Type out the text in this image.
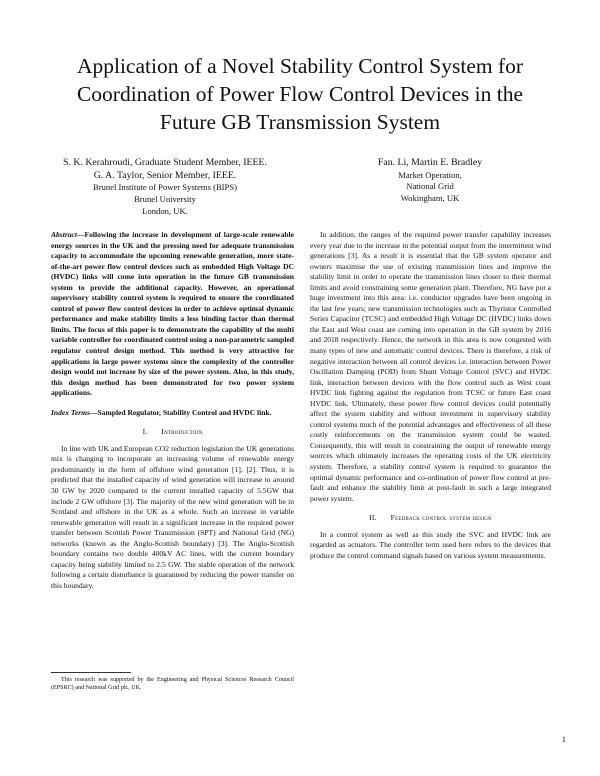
Application of a Novel Stability Control System for
Coordination of Power Flow Control Devices in the
Future GB Transmission System
S. K. Kerahroudi, Graduate Student Member, IEEE.
G. A. Taylor, Senior Member, IEEE.
Brunel Institute of Power Systems (BIPS)
Brunel University
London, UK.
Fan. Li, Martin E. Bradley
Market Operation,
National Grid
Wokingham, UK
Abstract—Following the increase in development of large-scale renewable energy sources in the UK and the pressing need for adequate transmission capacity to accommodate the upcoming renewable generation, more state-of-the-art power flow control devices such as embedded High Voltage DC (HVDC) links will come into operation in the future GB transmission system to provide the additional capacity. However, an operational supervisory stability control system is required to ensure the coordinated control of power flow control devices in order to achieve optimal dynamic performance and make stability limits a less binding factor than thermal limits. The focus of this paper is to demonstrate the capability of the multi variable controller for coordinated control using a non-parametric sampled regulator control design method. This method is very attractive for applications in large power systems since the complexity of the controller design would not increase by size of the power system. Also, in this study, this design method has been demonstrated for two power system applications.
Index Terms—Sampled Regulator, Stability Control and HVDC link.
I. Introduction
In line with UK and European CO2 reduction legislation the UK generations mix is changing to incorporate an increasing volume of renewable energy predominantly in the form of offshore wind generation [1], [2]. Thus, it is predicted that the installed capacity of wind generation will increase to around 30 GW by 2020 compared to the current installed capacity of 5.5GW that include 2 GW offshore [3]. The majority of the new wind generation will be in Scotland and offshore in the UK as a whole. Such an increase in variable renewable generation will result in a significant increase in the required power transfer between Scottish Power Transmission (SPT) and National Grid (NG) networks (known as the Anglo-Scottish boundary) [3]. The Anglo-Scottish boundary contains two double 400kV AC lines, with the current boundary capacity being stability limited to 2.5 GW. The stable operation of the network following a certain disturbance is guaranteed by reducing the power transfer on this boundary.
In addition, the ranges of the required power transfer capability increases every year due to the increase in the potential output from the intermittent wind generations [3]. As a result it is essential that the GB system operator and owners maximise the use of existing transmission lines and improve the stability limit in order to operate the transmission lines closer to their thermal limits and avoid constraining some generation plant. Therefore, NG have put a huge investment into this area: i.e. conductor upgrades have been ongoing in the last few years; new transmission technologies such as Thyristor Controlled Series Capacitor (TCSC) and embedded High Voltage DC (HVDC) links down the East and West coast are coming into operation in the GB system by 2016 and 2018 respectively. Hence, the network in this area is now congested with many types of new and automatic control devices. There is therefore, a risk of negative interaction between all control devices i.e. interaction between Power Oscillation Damping (POD) from Shunt Voltage Control (SVC) and HVDC link, interaction between devices with the flow control such as West coast HVDC link fighting against the regulation from TCSC or future East coast HVDC link. Ultimately, these power flow control devices could potentially affect the system stability and without investment in supervisory stability control systems much of the potential advantages and effectiveness of all these costly reinforcements on the transmission system could be wasted. Consequently, this will result in constraining the output of renewable energy sources which ultimately increases the operating costs of the UK electricity system. Therefore, a stability control system is required to guarantee the optimal dynamic performance and co-ordination of power flow control at pre-fault and enhance the stability limit at post-fault in such a large integrated power system.
II. Feedback control system design
In a control system as well as this study the SVC and HVDC link are regarded as actuators. The controller term used here refers to the devices that produce the control command signals based on various system measurements.
This research was supported by the Engineering and Physical Sciences Research Council (EPSRC) and National Grid plc, UK.
1
